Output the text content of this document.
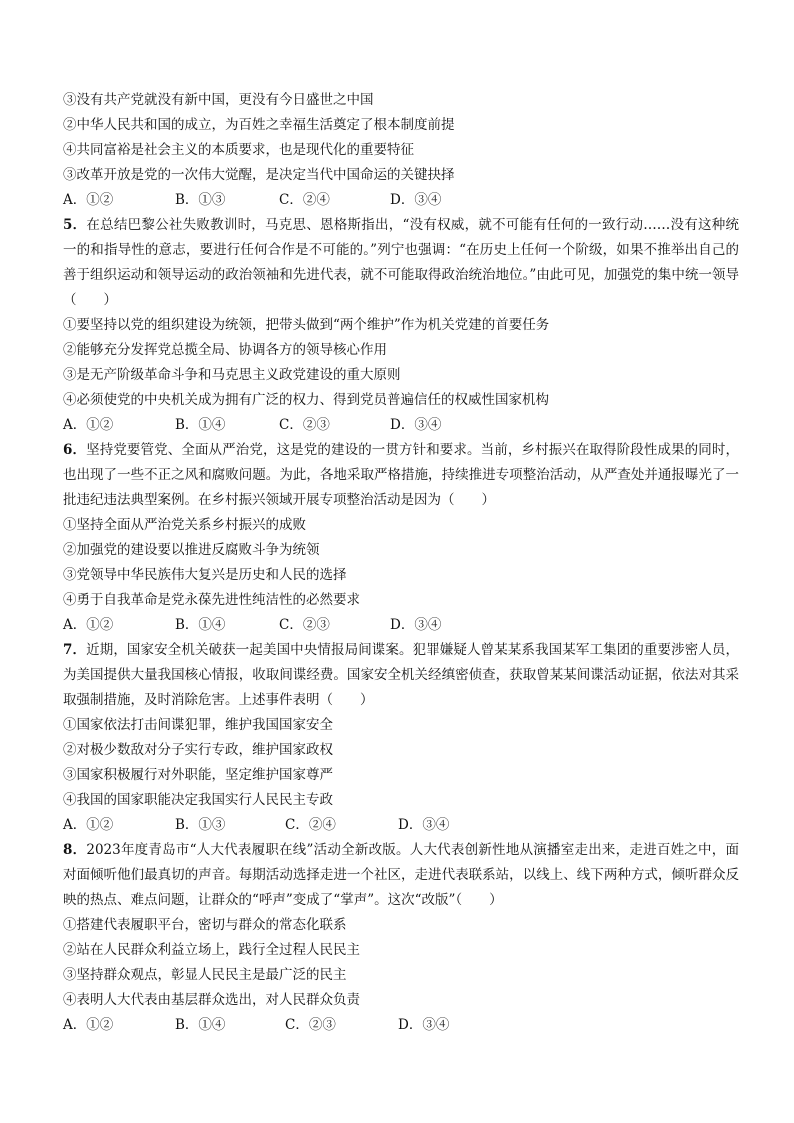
③没有共产党就没有新中国，更没有今日盛世之中国
②中华人民共和国的成立，为百姓之幸福生活奠定了根本制度前提
④共同富裕是社会主义的本质要求，也是现代化的重要特征
③改革开放是党的一次伟大觉醒，是决定当代中国命运的关键抉择
A．①②	B．①③	C．②④	D．③④
5．在总结巴黎公社失败教训时，马克思、恩格斯指出，“没有权威，就不可能有任何的一致行动……没有这种统一的和指导性的意志，要进行任何合作是不可能的。”列宁也强调：“在历史上任何一个阶级，如果不推举出自己的善于组织运动和领导运动的政治领袖和先进代表，就不可能取得政治统治地位。”由此可见，加强党的集中统一领导（　　）
①要坚持以党的组织建设为统领，把带头做到“两个维护”作为机关党建的首要任务
②能够充分发挥党总揽全局、协调各方的领导核心作用
③是无产阶级革命斗争和马克思主义政党建设的重大原则
④必须使党的中央机关成为拥有广泛的权力、得到党员普遍信任的权威性国家机构
A．①②	B．①④	C．②③	D．③④
6．坚持党要管党、全面从严治党，这是党的建设的一贯方针和要求。当前，乡村振兴在取得阶段性成果的同时，也出现了一些不正之风和腐败问题。为此，各地采取严格措施，持续推进专项整治活动，从严查处并通报曝光了一批违纪违法典型案例。在乡村振兴领域开展专项整治活动是因为（　　）
①坚持全面从严治党关系乡村振兴的成败
②加强党的建设要以推进反腐败斗争为统领
③党领导中华民族伟大复兴是历史和人民的选择
④勇于自我革命是党永葆先进性纯洁性的必然要求
A．①②	B．①④	C．②③	D．③④
7．近期，国家安全机关破获一起美国中央情报局间谍案。犯罪嫌疑人曾某某系我国某军工集团的重要涉密人员，为美国提供大量我国核心情报，收取间谍经费。国家安全机关经缜密侦查，获取曾某某间谍活动证据，依法对其采取强制措施，及时消除危害。上述事件表明（　　）
①国家依法打击间谍犯罪，维护我国国家安全
②对极少数敌对分子实行专政，维护国家政权
③国家积极履行对外职能，坚定维护国家尊严
④我国的国家职能决定我国实行人民民主专政
A．①②	B．①③	C．②④	D．③④
8．2023年度青岛市“人大代表履职在线”活动全新改版。人大代表创新性地从演播室走出来，走进百姓之中，面对面倾听他们最真切的声音。每期活动选择走进一个社区，走进代表联系站，以线上、线下两种方式，倾听群众反映的热点、难点问题，让群众的“呼声”变成了“掌声”。这次“改版”（　　）
①搭建代表履职平台，密切与群众的常态化联系
②站在人民群众利益立场上，践行全过程人民民主
③坚持群众观点，彰显人民民主是最广泛的民主
④表明人大代表由基层群众选出，对人民群众负责
A．①②	B．①④	C．②③	D．③④
